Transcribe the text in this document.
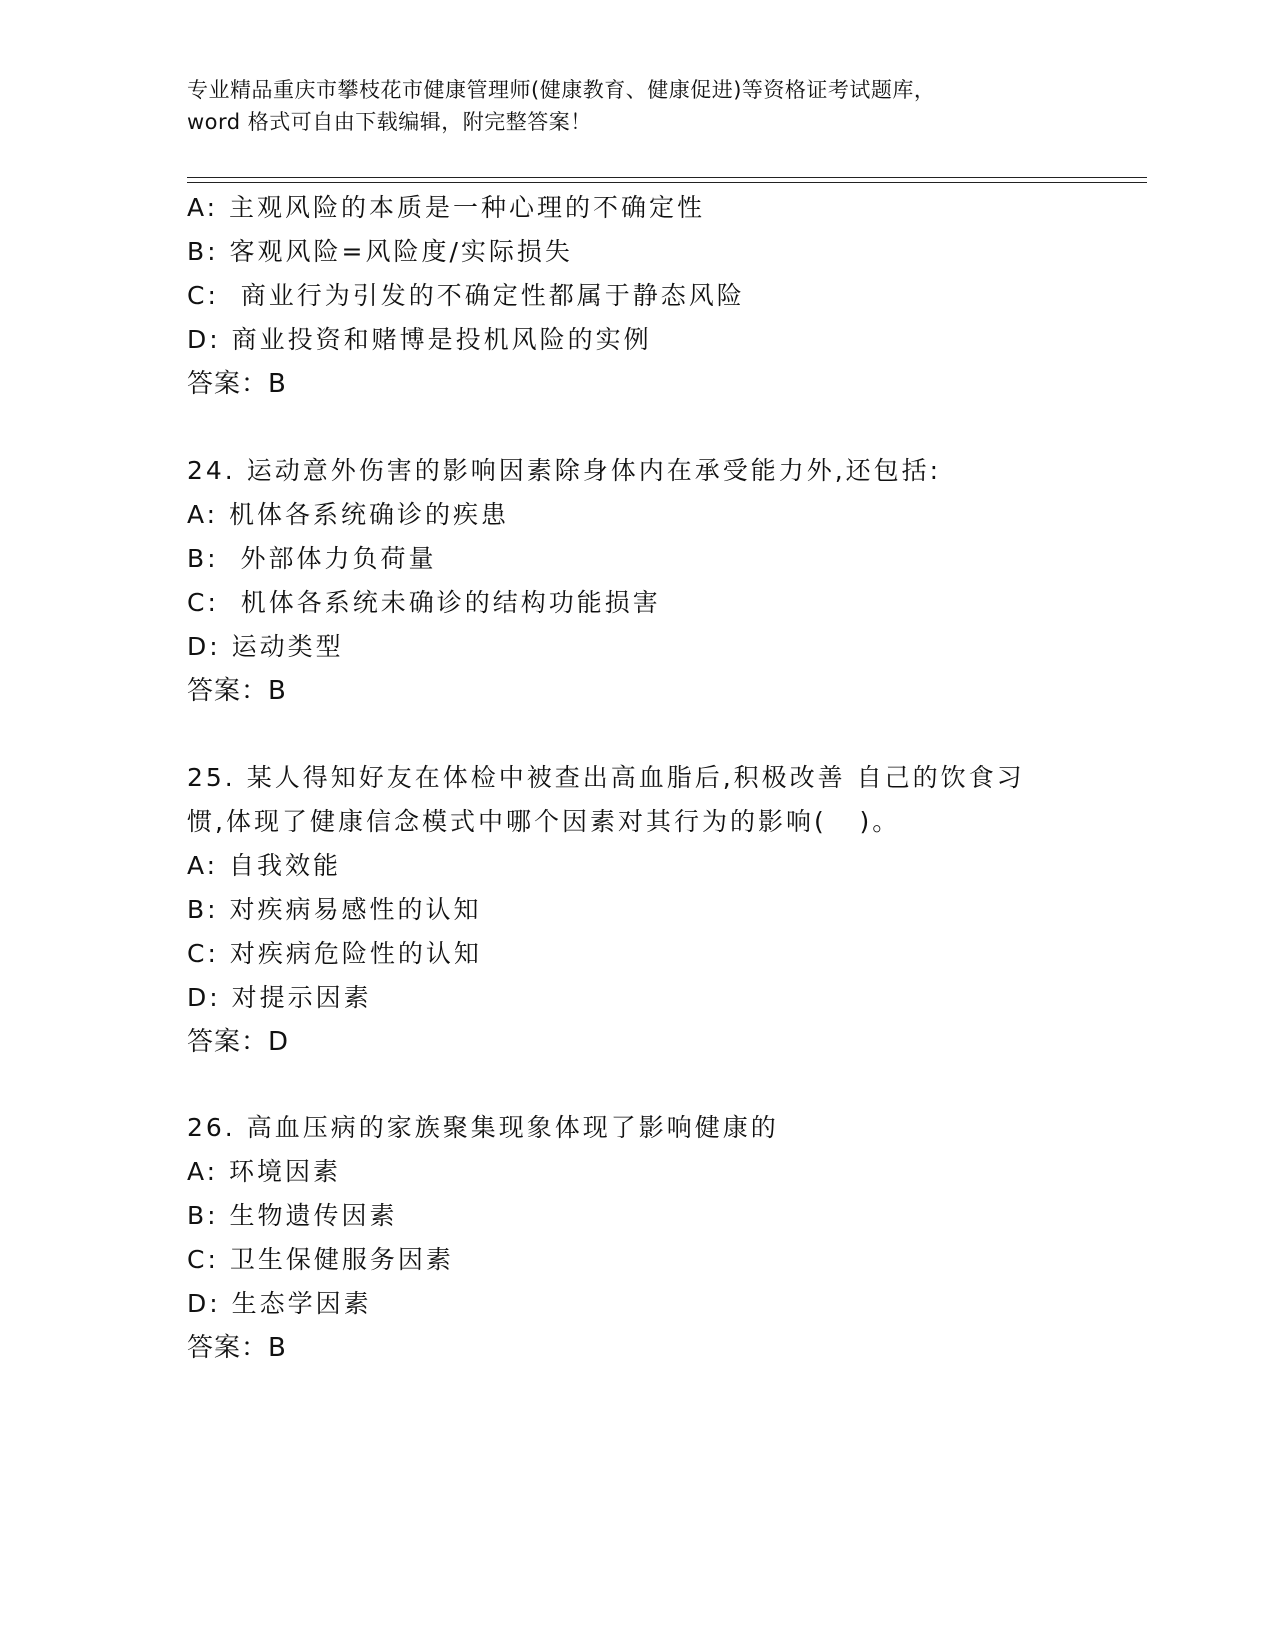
专业精品重庆市攀枝花市健康管理师(健康教育、健康促进)等资格证考试题库，
word 格式可自由下载编辑，附完整答案！
A: 主观风险的本质是一种心理的不确定性
B: 客观风险=风险度/实际损失
C:  商业行为引发的不确定性都属于静态风险
D: 商业投资和赌博是投机风险的实例
答案：B
24. 运动意外伤害的影响因素除身体内在承受能力外,还包括:
A: 机体各系统确诊的疾患
B:  外部体力负荷量
C:  机体各系统未确诊的结构功能损害
D: 运动类型
答案：B
25. 某人得知好友在体检中被查出高血脂后,积极改善 自己的饮食习
惯,体现了健康信念模式中哪个因素对其行为的影响(   )。
A: 自我效能
B: 对疾病易感性的认知
C: 对疾病危险性的认知
D: 对提示因素
答案：D
26. 高血压病的家族聚集现象体现了影响健康的
A: 环境因素
B: 生物遗传因素
C: 卫生保健服务因素
D: 生态学因素
答案：B
